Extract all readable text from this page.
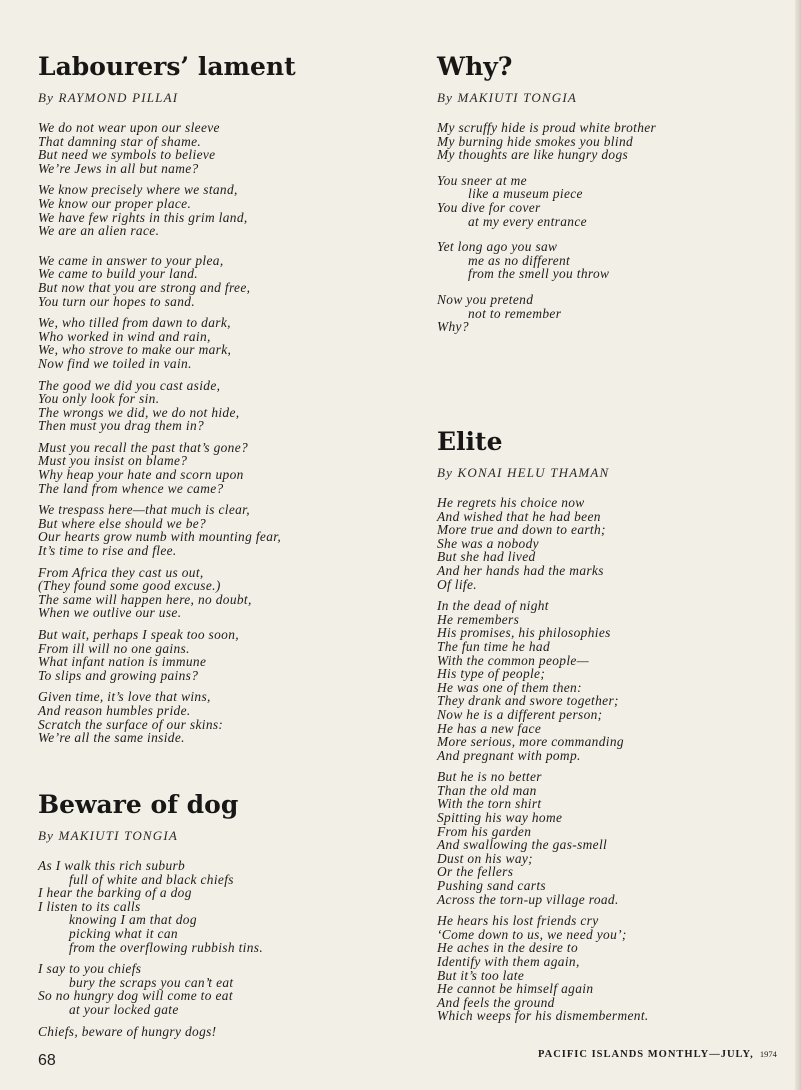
Labourers’ lament
By RAYMOND PILLAI
We do not wear upon our sleeve
That damning star of shame.
But need we symbols to believe
We’re Jews in all but name?
We know precisely where we stand,
We know our proper place.
We have few rights in this grim land,
We are an alien race.
We came in answer to your plea,
We came to build your land.
But now that you are strong and free,
You turn our hopes to sand.
We, who tilled from dawn to dark,
Who worked in wind and rain,
We, who strove to make our mark,
Now find we toiled in vain.
The good we did you cast aside,
You only look for sin.
The wrongs we did, we do not hide,
Then must you drag them in?
Must you recall the past that’s gone?
Must you insist on blame?
Why heap your hate and scorn upon
The land from whence we came?
We trespass here—that much is clear,
But where else should we be?
Our hearts grow numb with mounting fear,
It’s time to rise and flee.
From Africa they cast us out,
(They found some good excuse.)
The same will happen here, no doubt,
When we outlive our use.
But wait, perhaps I speak too soon,
From ill will no one gains.
What infant nation is immune
To slips and growing pains?
Given time, it’s love that wins,
And reason humbles pride.
Scratch the surface of our skins:
We’re all the same inside.
Beware of dog
By MAKIUTI TONGIA
As I walk this rich suburb
full of white and black chiefs
I hear the barking of a dog
I listen to its calls
knowing I am that dog
picking what it can
from the overflowing rubbish tins.
I say to you chiefs
bury the scraps you can’t eat
So no hungry dog will come to eat
at your locked gate
Chiefs, beware of hungry dogs!
Why?
By MAKIUTI TONGIA
My scruffy hide is proud white brother
My burning hide smokes you blind
My thoughts are like hungry dogs
You sneer at me
like a museum piece
You dive for cover
at my every entrance
Yet long ago you saw
me as no different
from the smell you throw
Now you pretend
not to remember
Why?
Elite
By KONAI HELU THAMAN
He regrets his choice now
And wished that he had been
More true and down to earth;
She was a nobody
But she had lived
And her hands had the marks
Of life.
In the dead of night
He remembers
His promises, his philosophies
The fun time he had
With the common people—
His type of people;
He was one of them then:
They drank and swore together;
Now he is a different person;
He has a new face
More serious, more commanding
And pregnant with pomp.
But he is no better
Than the old man
With the torn shirt
Spitting his way home
From his garden
And swallowing the gas-smell
Dust on his way;
Or the fellers
Pushing sand carts
Across the torn-up village road.
He hears his lost friends cry
‘Come down to us, we need you’;
He aches in the desire to
Identify with them again,
But it’s too late
He cannot be himself again
And feels the ground
Which weeps for his dismemberment.
68	PACIFIC ISLANDS MONTHLY—JULY, 1974
